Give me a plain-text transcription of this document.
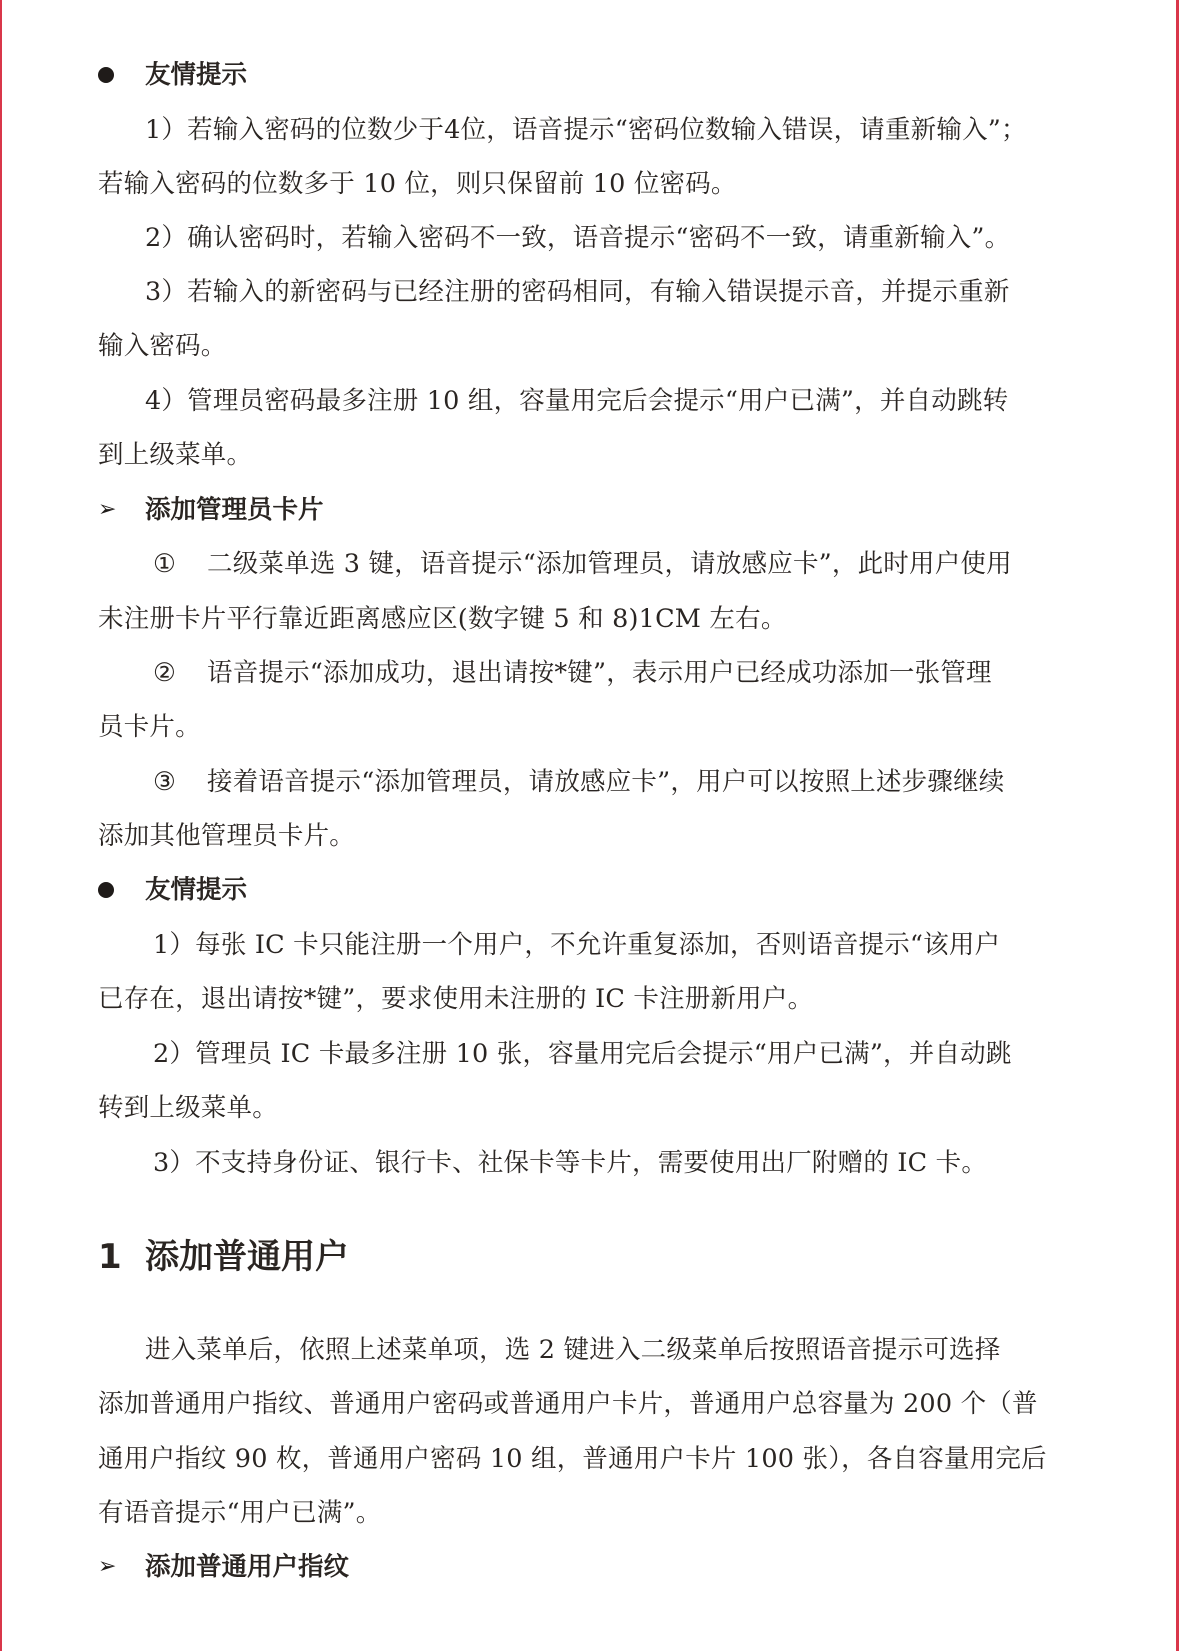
友情提示
1）若输入密码的位数少于4位，语音提示“密码位数输入错误，请重新输入”；
若输入密码的位数多于 10 位，则只保留前 10 位密码。
2）确认密码时，若输入密码不一致，语音提示“密码不一致，请重新输入”。
3）若输入的新密码与已经注册的密码相同，有输入错误提示音，并提示重新
输入密码。
4）管理员密码最多注册 10 组，容量用完后会提示“用户已满”，并自动跳转
到上级菜单。
➢ 添加管理员卡片
① 二级菜单选 3 键，语音提示“添加管理员，请放感应卡”，此时用户使用
未注册卡片平行靠近距离感应区(数字键 5 和 8)1CM 左右。
② 语音提示“添加成功，退出请按*键”，表示用户已经成功添加一张管理
员卡片。
③ 接着语音提示“添加管理员，请放感应卡”，用户可以按照上述步骤继续
添加其他管理员卡片。
友情提示
1）每张 IC 卡只能注册一个用户，不允许重复添加，否则语音提示“该用户
已存在，退出请按*键”，要求使用未注册的 IC 卡注册新用户。
2）管理员 IC 卡最多注册 10 张，容量用完后会提示“用户已满”，并自动跳
转到上级菜单。
3）不支持身份证、银行卡、社保卡等卡片，需要使用出厂附赠的 IC 卡。
1 添加普通用户
进入菜单后，依照上述菜单项，选 2 键进入二级菜单后按照语音提示可选择
添加普通用户指纹、普通用户密码或普通用户卡片，普通用户总容量为 200 个（普
通用户指纹 90 枚，普通用户密码 10 组，普通用户卡片 100 张），各自容量用完后
有语音提示“用户已满”。
➢ 添加普通用户指纹
